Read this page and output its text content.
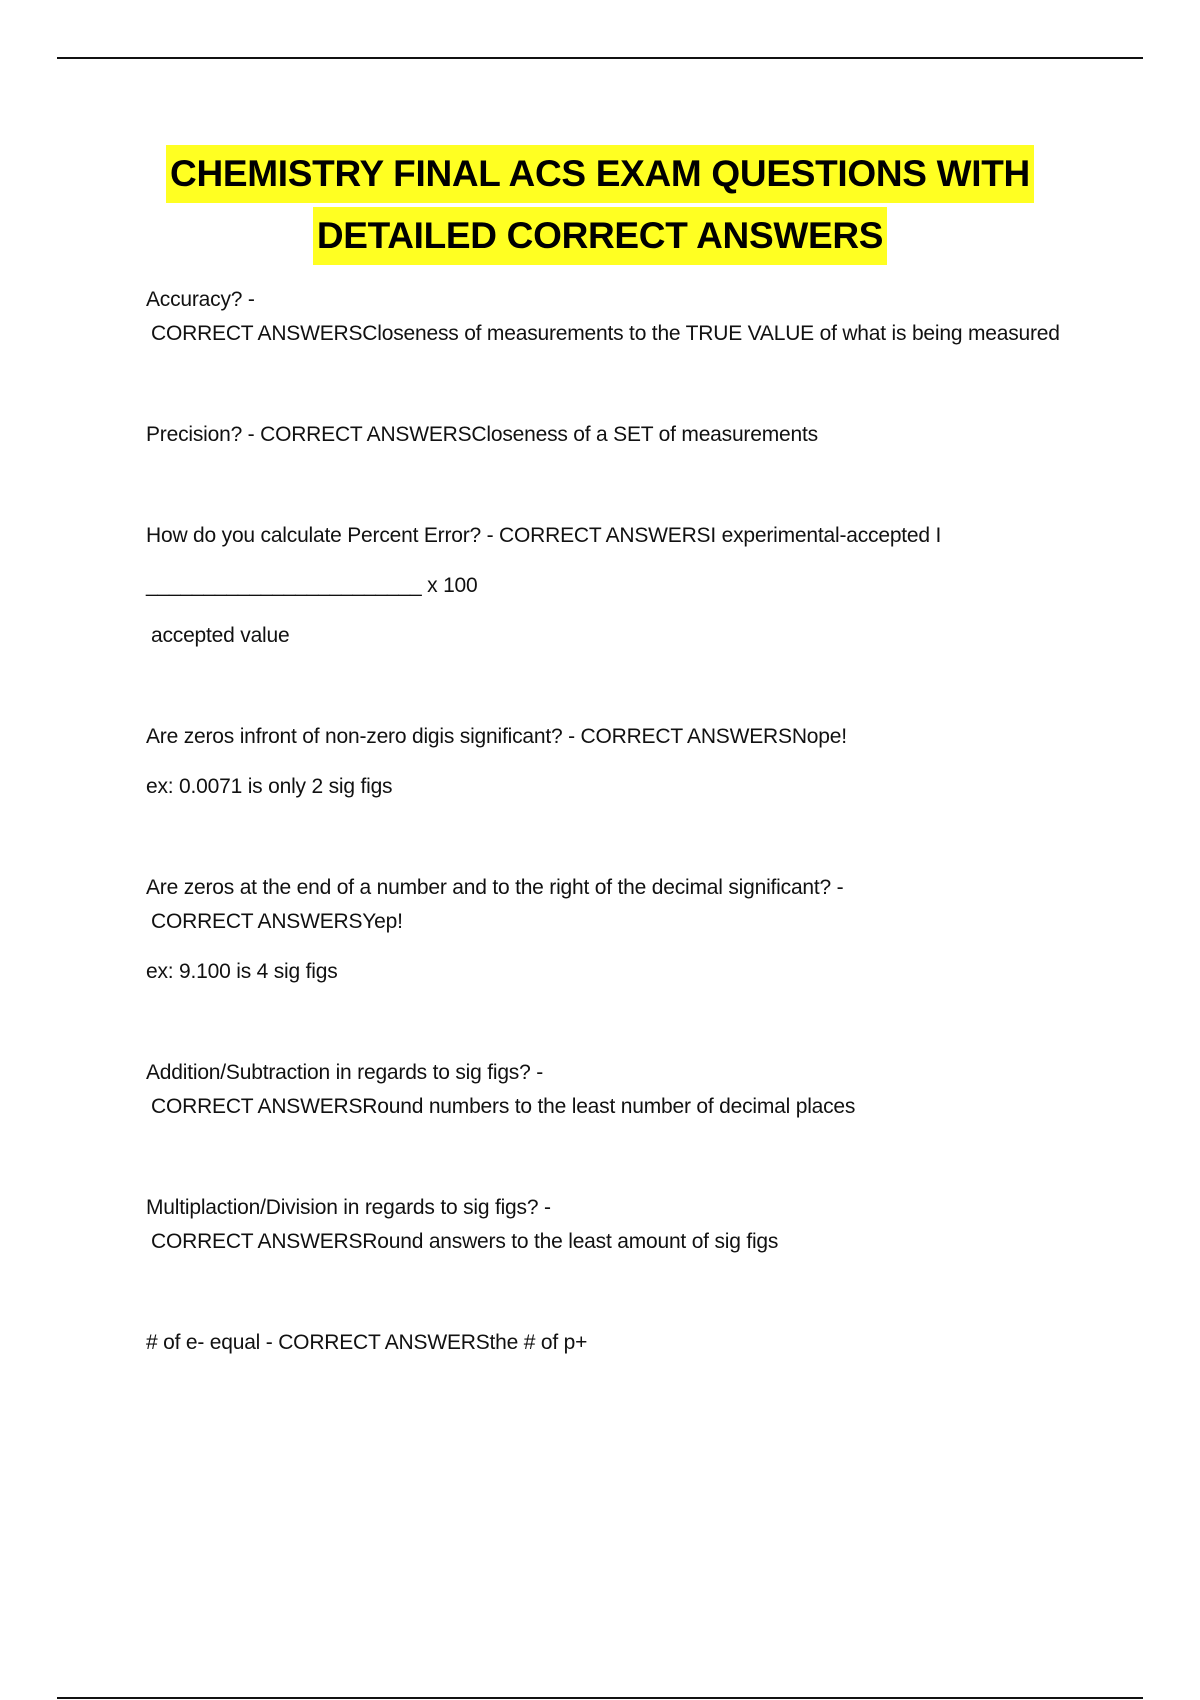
CHEMISTRY FINAL ACS EXAM QUESTIONS WITH
DETAILED CORRECT ANSWERS

Accuracy? -

CORRECT ANSWERSCloseness of measurements to the TRUE VALUE of what is being measured

Precision? - CORRECT ANSWERSCloseness of a SET of measurements

How do you calculate Percent Error? - CORRECT ANSWERSI experimental-accepted I

________________________ x 100

accepted value

Are zeros infront of non-zero digis significant? - CORRECT ANSWERSNope!

ex: 0.0071 is only 2 sig figs

Are zeros at the end of a number and to the right of the decimal significant? -

CORRECT ANSWERSYep!

ex: 9.100 is 4 sig figs

Addition/Subtraction in regards to sig figs? -

CORRECT ANSWERSRound numbers to the least number of decimal places

Multiplaction/Division in regards to sig figs? -

CORRECT ANSWERSRound answers to the least amount of sig figs

# of e- equal - CORRECT ANSWERSthe # of p+
